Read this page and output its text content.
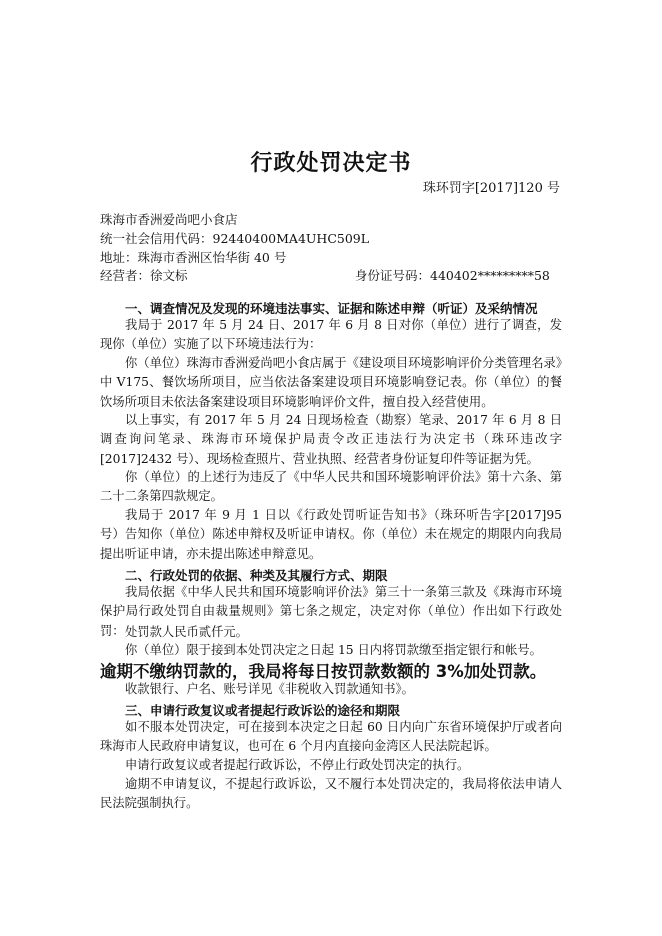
行政处罚决定书
珠环罚字[2017]120 号
珠海市香洲爱尚吧小食店
统一社会信用代码：92440400MA4UHC509L
地址：珠海市香洲区怡华街 40 号
经营者：徐文标	身份证号码：440402*********58
一、调查情况及发现的环境违法事实、证据和陈述申辩（听证）及采纳情况

我局于 2017 年 5 月 24 日、2017 年 6 月 8 日对你（单位）进行了调查，发现你（单位）实施了以下环境违法行为：

你（单位）珠海市香洲爱尚吧小食店属于《建设项目环境影响评价分类管理名录》中 V175、餐饮场所项目，应当依法备案建设项目环境影响登记表。你（单位）的餐饮场所项目未依法备案建设项目环境影响评价文件，擅自投入经营使用。

以上事实，有 2017 年 5 月 24 日现场检查（勘察）笔录、2017 年 6 月 8 日调查询问笔录、珠海市环境保护局责令改正违法行为决定书（珠环违改字[2017]2432 号）、现场检查照片、营业执照、经营者身份证复印件等证据为凭。

你（单位）的上述行为违反了《中华人民共和国环境影响评价法》第十六条、第二十二条第四款规定。

我局于 2017 年 9 月 1 日以《行政处罚听证告知书》（珠环听告字[2017]95 号）告知你（单位）陈述申辩权及听证申请权。你（单位）未在规定的期限内向我局提出听证申请，亦未提出陈述申辩意见。

二、行政处罚的依据、种类及其履行方式、期限

我局依据《中华人民共和国环境影响评价法》第三十一条第三款及《珠海市环境保护局行政处罚自由裁量规则》第七条之规定，决定对你（单位）作出如下行政处罚： 处罚款人民币贰仟元。

你（单位）限于接到本处罚决定之日起 15 日内将罚款缴至指定银行和帐号。

逾期不缴纳罚款的，我局将每日按罚款数额的 3%加处罚款。

收款银行、户名、账号详见《非税收入罚款通知书》。

三、申请行政复议或者提起行政诉讼的途径和期限

如不服本处罚决定，可在接到本决定之日起 60 日内向广东省环境保护厅或者向珠海市人民政府申请复议，也可在 6 个月内直接向金湾区人民法院起诉。

申请行政复议或者提起行政诉讼，不停止行政处罚决定的执行。

逾期不申请复议，不提起行政诉讼，又不履行本处罚决定的，我局将依法申请人民法院强制执行。
